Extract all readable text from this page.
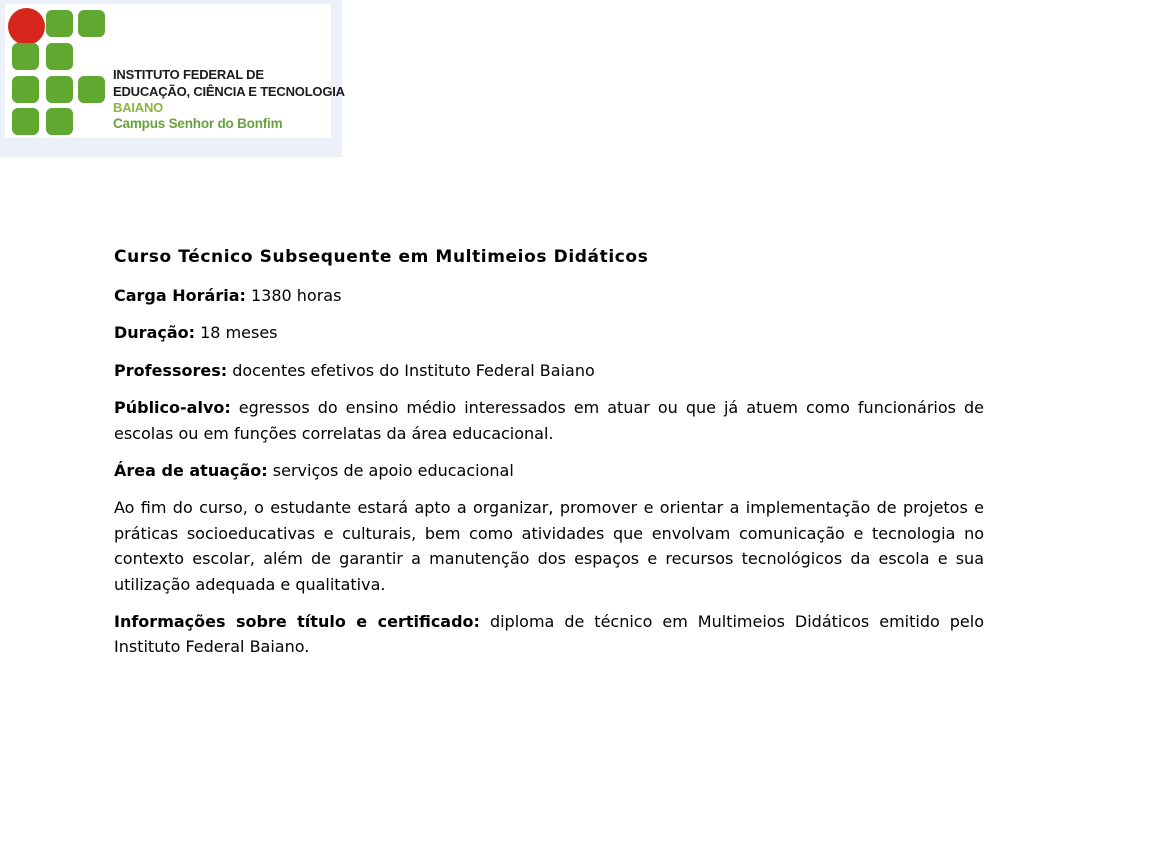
INSTITUTO FEDERAL DE
EDUCAÇÃO, CIÊNCIA E TECNOLOGIA
BAIANO
Campus Senhor do Bonfim
Curso Técnico Subsequente em Multimeios Didáticos

Carga Horária: 1380 horas

Duração: 18 meses

Professores: docentes efetivos do Instituto Federal Baiano

Público-alvo: egressos do ensino médio interessados em atuar ou que já atuem como funcionários de escolas ou em funções correlatas da área educacional.

Área de atuação: serviços de apoio educacional

Ao fim do curso, o estudante estará apto a organizar, promover e orientar a implementação de projetos e práticas socioeducativas e culturais, bem como atividades que envolvam comunicação e tecnologia no contexto escolar, além de garantir a manutenção dos espaços e recursos tecnológicos da escola e sua utilização adequada e qualitativa.

Informações sobre título e certificado: diploma de técnico em Multimeios Didáticos emitido pelo Instituto Federal Baiano.
